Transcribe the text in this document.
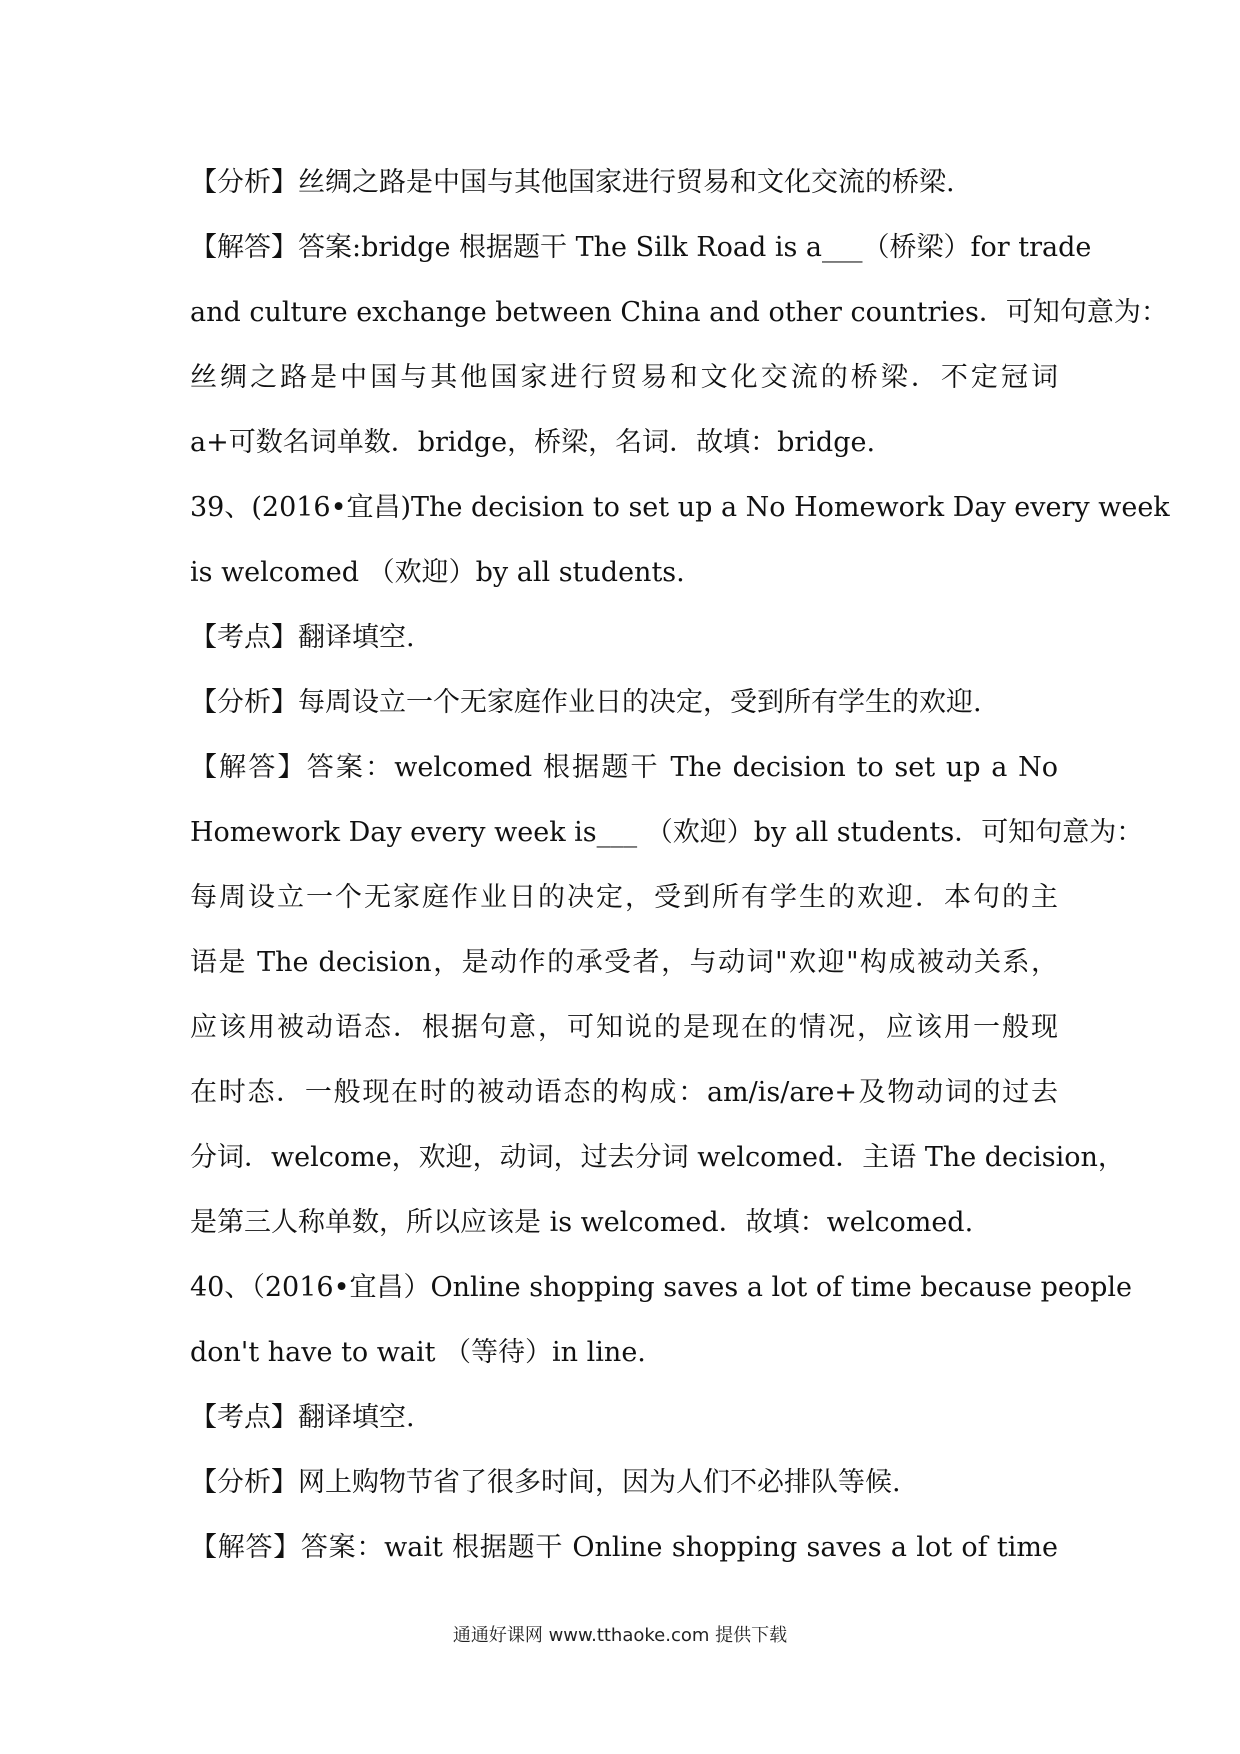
【分析】丝绸之路是中国与其他国家进行贸易和文化交流的桥梁.
【解答】答案:bridge 根据题干 The Silk Road is a___（桥梁）for trade
and culture exchange between China and other countries．可知句意为：
丝绸之路是中国与其他国家进行贸易和文化交流的桥梁．不定冠词
a+可数名词单数．bridge，桥梁，名词．故填：bridge.
39、(2016•宜昌)The decision to set up a No Homework Day every week
is welcomed （欢迎）by all students.
【考点】翻译填空.
【分析】每周设立一个无家庭作业日的决定，受到所有学生的欢迎.
【解答】答案：welcomed 根据题干 The decision to set up a No
Homework Day every week is___ （欢迎）by all students．可知句意为：
每周设立一个无家庭作业日的决定，受到所有学生的欢迎．本句的主
语是 The decision，是动作的承受者，与动词"欢迎"构成被动关系，
应该用被动语态．根据句意，可知说的是现在的情况，应该用一般现
在时态．一般现在时的被动语态的构成：am/is/are+及物动词的过去
分词．welcome，欢迎，动词，过去分词 welcomed．主语 The decision，
是第三人称单数，所以应该是 is welcomed．故填：welcomed.
40、（2016•宜昌）Online shopping saves a lot of time because people
don't have to wait （等待）in line.
【考点】翻译填空.
【分析】网上购物节省了很多时间，因为人们不必排队等候.
【解答】答案：wait 根据题干 Online shopping saves a lot of time
通通好课网 www.tthaoke.com 提供下载
